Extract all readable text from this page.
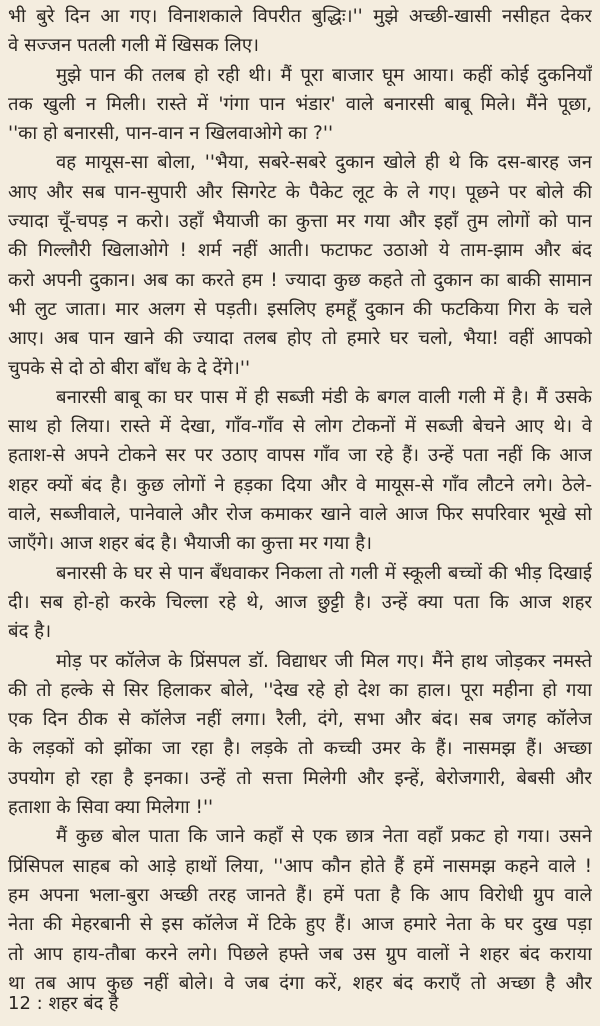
भी बुरे दिन आ गए। विनाशकाले विपरीत बुद्धिः।'' मुझे अच्छी-खासी नसीहत देकर
वे सज्जन पतली गली में खिसक लिए।
मुझे पान की तलब हो रही थी। मैं पूरा बाजार घूम आया। कहीं कोई दुकनियाँ
तक खुली न मिली। रास्ते में 'गंगा पान भंडार' वाले बनारसी बाबू मिले। मैंने पूछा,
''का हो बनारसी, पान-वान न खिलवाओगे का ?''
वह मायूस-सा बोला, ''भैया, सबरे-सबरे दुकान खोले ही थे कि दस-बारह जन
आए और सब पान-सुपारी और सिगरेट के पैकेट लूट के ले गए। पूछने पर बोले की
ज्यादा चूँ-चपड़ न करो। उहाँ भैयाजी का कुत्ता मर गया और इहाँ तुम लोगों को पान
की गिल्लौरी खिलाओगे ! शर्म नहीं आती। फटाफट उठाओ ये ताम-झाम और बंद
करो अपनी दुकान। अब का करते हम ! ज्यादा कुछ कहते तो दुकान का बाकी सामान
भी लुट जाता। मार अलग से पड़ती। इसलिए हमहूँ दुकान की फटकिया गिरा के चले
आए। अब पान खाने की ज्यादा तलब होए तो हमारे घर चलो, भैया! वहीं आपको
चुपके से दो ठो बीरा बाँध के दे देंगे।''
बनारसी बाबू का घर पास में ही सब्जी मंडी के बगल वाली गली में है। मैं उसके
साथ हो लिया। रास्ते में देखा, गाँव-गाँव से लोग टोकनों में सब्जी बेचने आए थे। वे
हताश-से अपने टोकने सर पर उठाए वापस गाँव जा रहे हैं। उन्हें पता नहीं कि आज
शहर क्यों बंद है। कुछ लोगों ने हड़का दिया और वे मायूस-से गाँव लौटने लगे। ठेले-
वाले, सब्जीवाले, पानेवाले और रोज कमाकर खाने वाले आज फिर सपरिवार भूखे सो
जाएँगे। आज शहर बंद है। भैयाजी का कुत्ता मर गया है।
बनारसी के घर से पान बँधवाकर निकला तो गली में स्कूली बच्चों की भीड़ दिखाई
दी। सब हो-हो करके चिल्ला रहे थे, आज छुट्टी है। उन्हें क्या पता कि आज शहर
बंद है।
मोड़ पर कॉलेज के प्रिंसपल डॉ. विद्याधर जी मिल गए। मैंने हाथ जोड़कर नमस्ते
की तो हल्के से सिर हिलाकर बोले, ''देख रहे हो देश का हाल। पूरा महीना हो गया
एक दिन ठीक से कॉलेज नहीं लगा। रैली, दंगे, सभा और बंद। सब जगह कॉलेज
के लड़कों को झोंका जा रहा है। लड़के तो कच्ची उमर के हैं। नासमझ हैं। अच्छा
उपयोग हो रहा है इनका। उन्हें तो सत्ता मिलेगी और इन्हें, बेरोजगारी, बेबसी और
हताशा के सिवा क्या मिलेगा !''
मैं कुछ बोल पाता कि जाने कहाँ से एक छात्र नेता वहाँ प्रकट हो गया। उसने
प्रिंसिपल साहब को आड़े हाथों लिया, ''आप कौन होते हैं हमें नासमझ कहने वाले !
हम अपना भला-बुरा अच्छी तरह जानते हैं। हमें पता है कि आप विरोधी ग्रुप वाले
नेता की मेहरबानी से इस कॉलेज में टिके हुए हैं। आज हमारे नेता के घर दुख पड़ा
तो आप हाय-तौबा करने लगे। पिछले हफ्ते जब उस ग्रुप वालों ने शहर बंद कराया
था तब आप कुछ नहीं बोले। वे जब दंगा करें, शहर बंद कराएँ तो अच्छा है और
12 : शहर बंद है
